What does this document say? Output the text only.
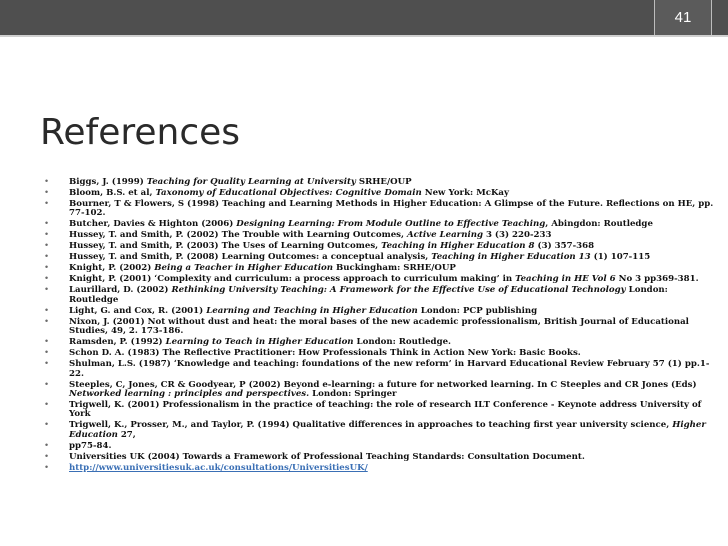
41
References
• Biggs, J. (1999) Teaching for Quality Learning at University SRHE/OUP
• Bloom, B.S. et al, Taxonomy of Educational Objectives: Cognitive Domain New York: McKay
• Bourner, T & Flowers, S (1998) Teaching and Learning Methods in Higher Education: A Glimpse of the Future. Reflections on HE, pp. 77-102.
• Butcher, Davies & Highton (2006) Designing Learning: From Module Outline to Effective Teaching, Abingdon: Routledge
• Hussey, T. and Smith, P. (2002) The Trouble with Learning Outcomes, Active Learning 3 (3) 220-233
• Hussey, T. and Smith, P. (2003) The Uses of Learning Outcomes, Teaching in Higher Education 8 (3) 357-368
• Hussey, T. and Smith, P. (2008) Learning Outcomes: a conceptual analysis, Teaching in Higher Education 13 (1) 107-115
• Knight, P. (2002) Being a Teacher in Higher Education Buckingham: SRHE/OUP
• Knight, P. (2001) ‘Complexity and curriculum: a process approach to curriculum making’ in Teaching in HE Vol 6 No 3 pp369-381.
• Laurillard, D. (2002) Rethinking University Teaching: A Framework for the Effective Use of Educational Technology London: Routledge
• Light, G. and Cox, R. (2001) Learning and Teaching in Higher Education London: PCP publishing
• Nixon, J. (2001) Not without dust and heat: the moral bases of the new academic professionalism, British Journal of Educational Studies, 49, 2. 173-186.
• Ramsden, P. (1992) Learning to Teach in Higher Education London: Routledge.
• Schon D. A. (1983) The Reflective Practitioner: How Professionals Think in Action New York: Basic Books.
• Shulman, L.S. (1987) ‘Knowledge and teaching: foundations of the new reform’ in Harvard Educational Review February 57 (1) pp.1-22.
• Steeples, C, Jones, CR & Goodyear, P (2002) Beyond e-learning: a future for networked learning. In C Steeples and CR Jones (Eds) Networked learning : principles and perspectives. London: Springer
• Trigwell, K. (2001) Professionalism in the practice of teaching: the role of research ILT Conference - Keynote address University of York
• Trigwell, K., Prosser, M., and Taylor, P. (1994) Qualitative differences in approaches to teaching first year university science, Higher Education 27,
• pp75-84.
• Universities UK (2004) Towards a Framework of Professional Teaching Standards: Consultation Document.
• http://www.universitiesuk.ac.uk/consultations/UniversitiesUK/
